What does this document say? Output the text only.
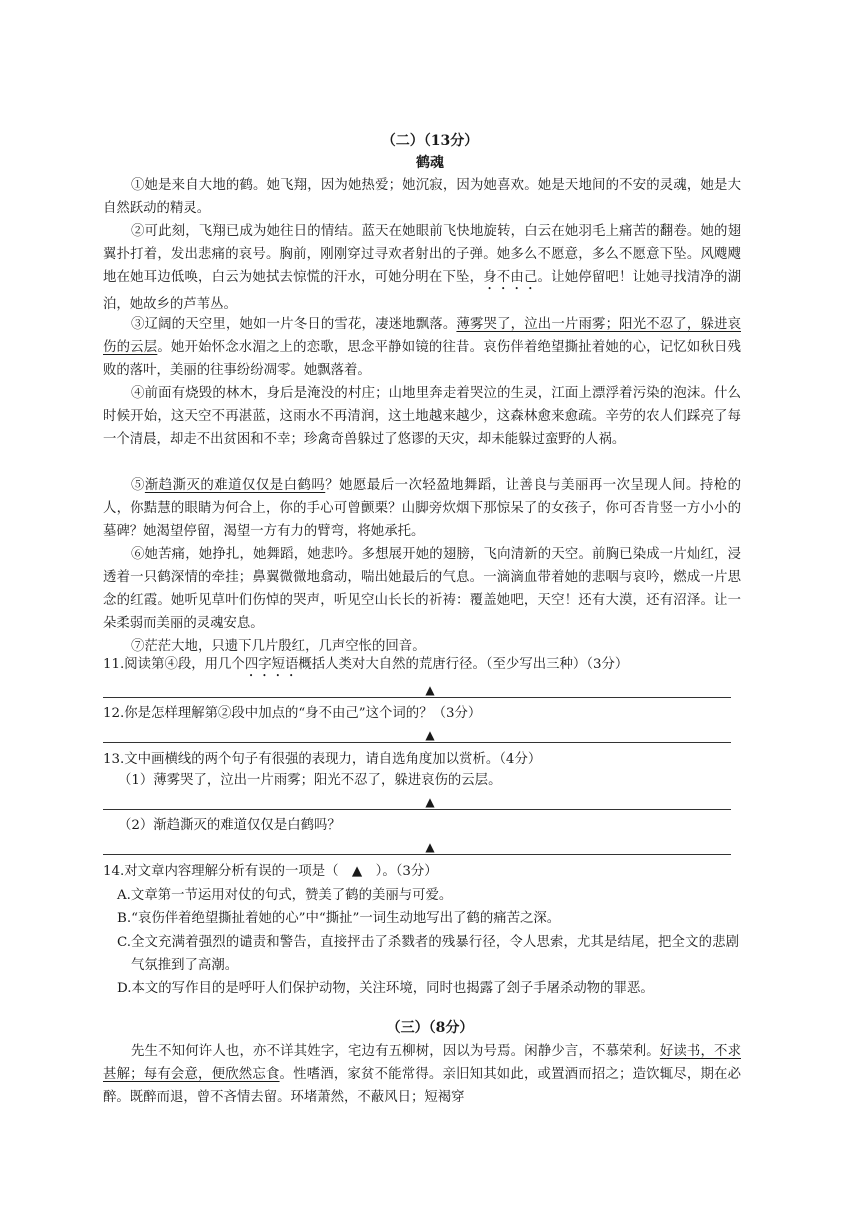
（二）（13分）
鹤魂

①她是来自大地的鹤。她飞翔，因为她热爱；她沉寂，因为她喜欢。她是天地间的不安的灵魂，她是大自然跃动的精灵。

②可此刻，飞翔已成为她往日的情结。蓝天在她眼前飞快地旋转，白云在她羽毛上痛苦的翻卷。她的翅翼扑打着，发出悲痛的哀号。胸前，刚刚穿过寻欢者射出的子弹。她多么不愿意，多么不愿意下坠。风飕飕地在她耳边低唤，白云为她拭去惊慌的汗水，可她分明在下坠，身不由己。让她停留吧！让她寻找清净的湖泊，她故乡的芦苇丛。

③辽阔的天空里，她如一片冬日的雪花，凄迷地飘落。薄雾哭了，泣出一片雨雾；阳光不忍了，躲进哀伤的云层。她开始怀念水湄之上的恋歌，思念平静如镜的往昔。哀伤伴着绝望撕扯着她的心，记忆如秋日残败的落叶，美丽的往事纷纷凋零。她飘落着。

④前面有烧毁的林木，身后是淹没的村庄；山地里奔走着哭泣的生灵，江面上漂浮着污染的泡沫。什么时候开始，这天空不再湛蓝，这雨水不再清润，这土地越来越少，这森林愈来愈疏。辛劳的农人们踩亮了每一个清晨，却走不出贫困和不幸；珍禽奇兽躲过了悠谬的天灾，却未能躲过蛮野的人祸。

⑤渐趋澌灭的难道仅仅是白鹤吗？她愿最后一次轻盈地舞蹈，让善良与美丽再一次呈现人间。持枪的人，你黠慧的眼睛为何合上，你的手心可曾颤栗？山脚旁炊烟下那惊呆了的女孩子，你可否肯竖一方小小的墓碑？她渴望停留，渴望一方有力的臂弯，将她承托。

⑥她苦痛，她挣扎，她舞蹈，她悲吟。多想展开她的翅膀，飞向清新的天空。前胸已染成一片灿红，浸透着一只鹤深情的牵挂；鼻翼微微地翕动，喘出她最后的气息。一滴滴血带着她的悲咽与哀吟，燃成一片思念的红霞。她听见草叶们伤悼的哭声，听见空山长长的祈祷：覆盖她吧，天空！还有大漠，还有沼泽。让一朵柔弱而美丽的灵魂安息。

⑦茫茫大地，只遗下几片殷红，几声空怅的回音。

11.阅读第④段，用几个四字短语概括人类对大自然的荒唐行径。（至少写出三种）（3分）
▲
12.你是怎样理解第②段中加点的“身不由己”这个词的？（3分）
▲
13.文中画横线的两个句子有很强的表现力，请自选角度加以赏析。（4分）
（1）薄雾哭了，泣出一片雨雾；阳光不忍了，躲进哀伤的云层。
▲
（2）渐趋澌灭的难道仅仅是白鹤吗？
▲
14.对文章内容理解分析有误的一项是（　▲　）。（3分）
A.文章第一节运用对仗的句式，赞美了鹤的美丽与可爱。
B.“哀伤伴着绝望撕扯着她的心”中“撕扯”一词生动地写出了鹤的痛苦之深。
C.全文充满着强烈的谴责和警告，直接抨击了杀戮者的残暴行径，令人思索，尤其是结尾，把全文的悲剧气氛推到了高潮。
D.本文的写作目的是呼吁人们保护动物，关注环境，同时也揭露了刽子手屠杀动物的罪恶。
（三）（8分）

先生不知何许人也，亦不详其姓字，宅边有五柳树，因以为号焉。闲静少言，不慕荣利。好读书，不求甚解；每有会意，便欣然忘食。性嗜酒，家贫不能常得。亲旧知其如此，或置酒而招之；造饮辄尽，期在必醉。既醉而退，曾不吝情去留。环堵萧然，不蔽风日；短褐穿
